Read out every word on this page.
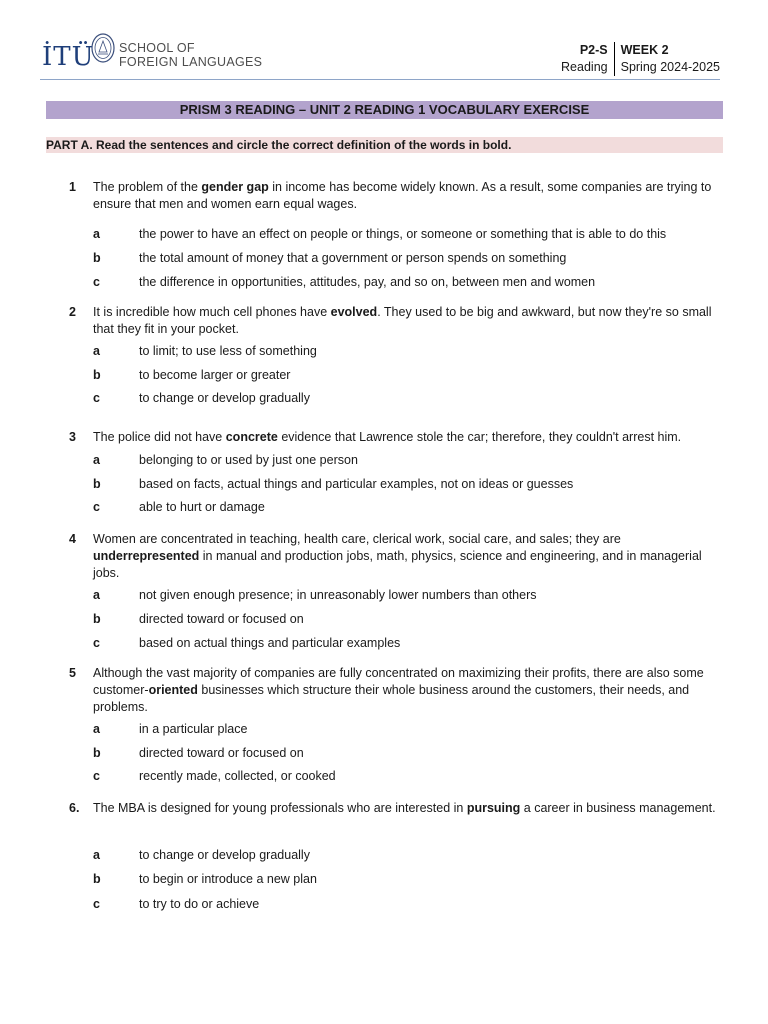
İTÜ SCHOOL OF
FOREIGN LANGUAGES
P2-S
Reading
WEEK 2
Spring 2024-2025
PRISM 3 READING – UNIT 2 READING 1 VOCABULARY EXERCISE
PART A. Read the sentences and circle the correct definition of the words in bold.
1	The problem of the gender gap in income has become widely known. As a result, some companies are trying to ensure that men and women earn equal wages.
a	the power to have an effect on people or things, or someone or something that is able to do this
b	the total amount of money that a government or person spends on something
c	the difference in opportunities, attitudes, pay, and so on, between men and women
2	It is incredible how much cell phones have evolved. They used to be big and awkward, but now they're so small that they fit in your pocket.
a	to limit; to use less of something
b	to become larger or greater
c	to change or develop gradually
3	The police did not have concrete evidence that Lawrence stole the car; therefore, they couldn't arrest him.
a	belonging to or used by just one person
b	based on facts, actual things and particular examples, not on ideas or guesses
c	able to hurt or damage
4	Women are concentrated in teaching, health care, clerical work, social care, and sales; they are underrepresented in manual and production jobs, math, physics, science and engineering, and in managerial jobs.
a	not given enough presence; in unreasonably lower numbers than others
b	directed toward or focused on
c	based on actual things and particular examples
5	Although the vast majority of companies are fully concentrated on maximizing their profits, there are also some customer-oriented businesses which structure their whole business around the customers, their needs, and problems.
a	in a particular place
b	directed toward or focused on
c	recently made, collected, or cooked
6.	The MBA is designed for young professionals who are interested in pursuing a career in business management.
a	to change or develop gradually
b	to begin or introduce a new plan
c	to try to do or achieve
